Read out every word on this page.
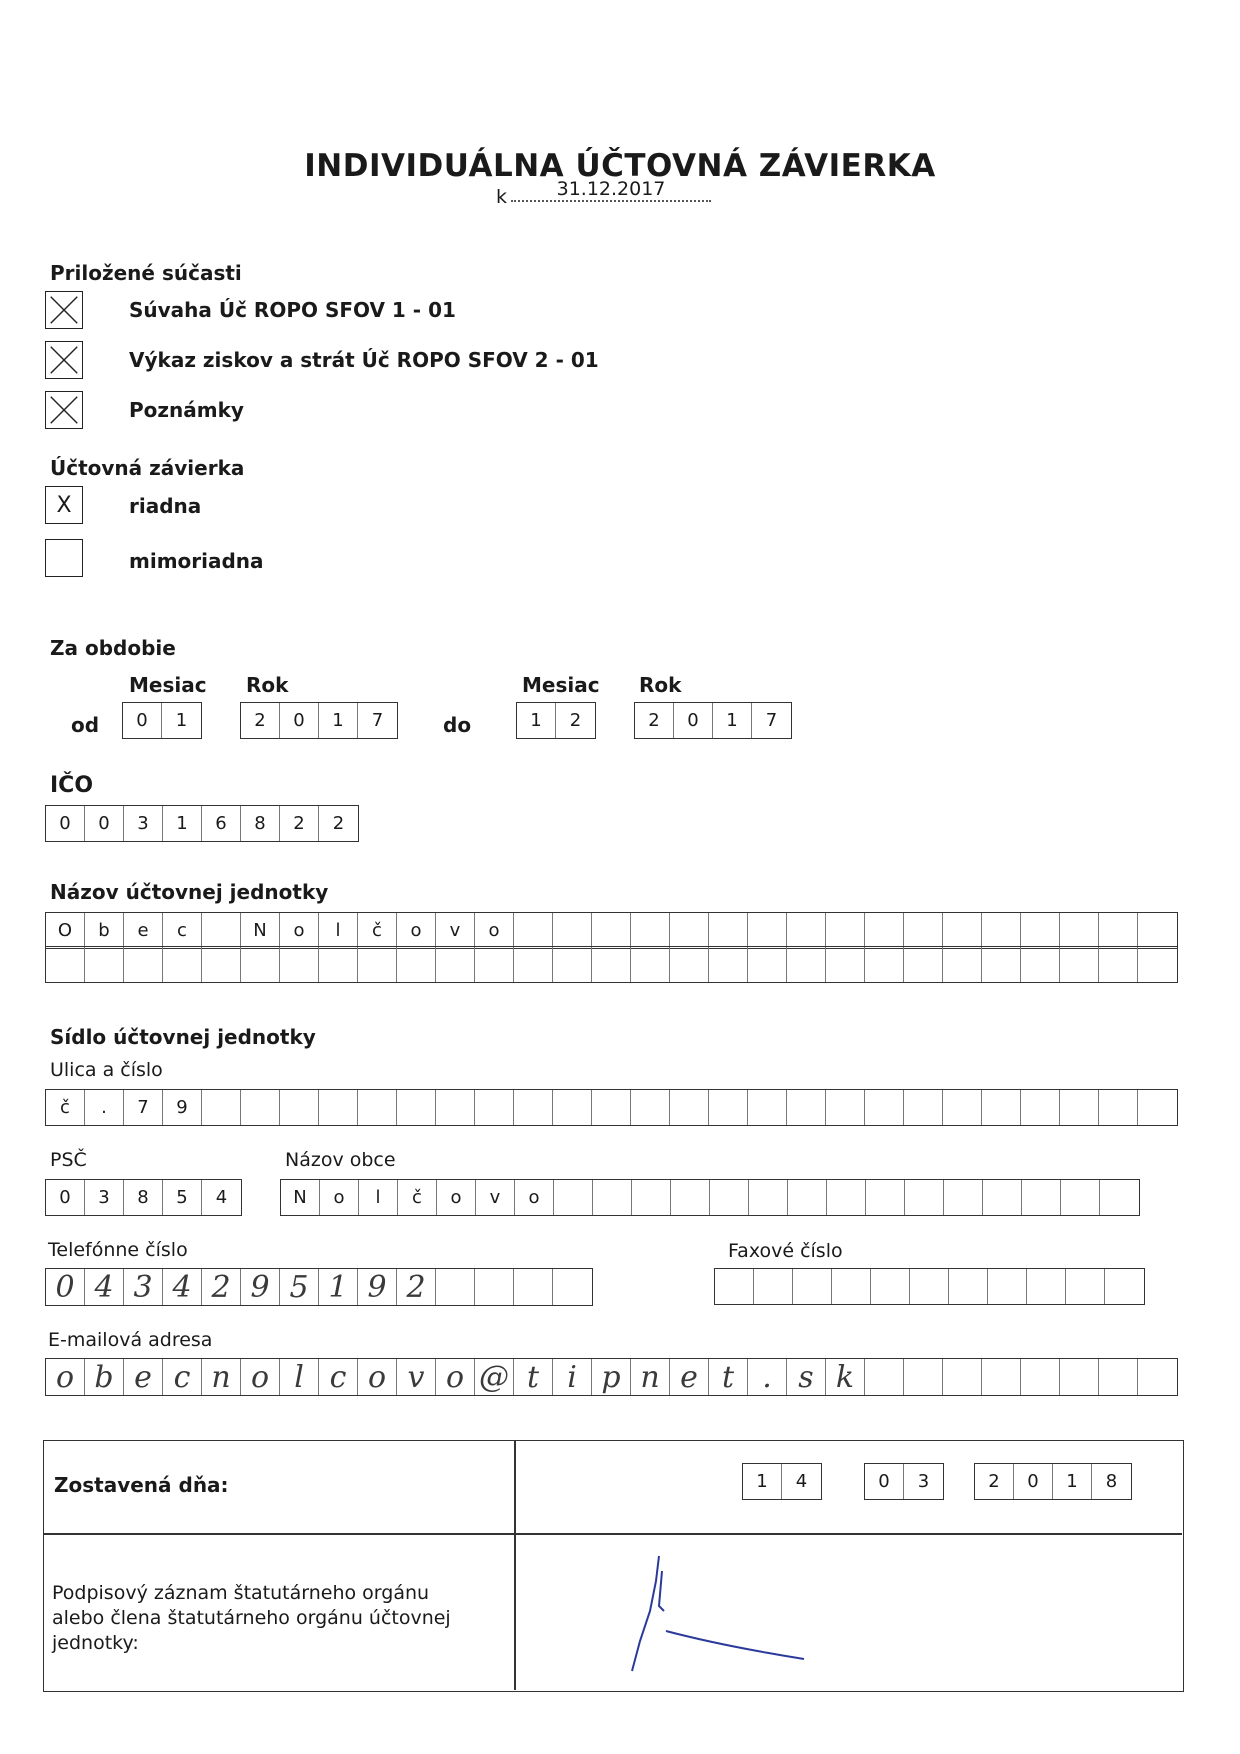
INDIVIDUÁLNA ÚČTOVNÁ ZÁVIERKA
k	31.12.2017
Priložené súčasti
Súvaha Úč ROPO SFOV 1 - 01
Výkaz ziskov a strát Úč ROPO SFOV 2 - 01
Poznámky
Účtovná závierka
X	riadna
mimoriadna
Za obdobie
Mesiac Rok	Mesiac Rok
od	0	1	2	0	1	7	do	1	2	2	0	1	7
IČO
0	0	3	1	6	8	2	2
Názov účtovnej jednotky
O	b	e	c	N	o	l	č	o	v	o
Sídlo účtovnej jednotky
Ulica a číslo
č	.	7	9
PSČ
0	3	8	5	4
Názov obce
N	o	l	č	o	v	o
Telefónne číslo
0 4 3 4 2 9 5 1 9 2
Faxové číslo
E-mailová adresa
o b e c n o l c o v o @ t i p n e t . s k
Zostavená dňa:	1	4	0	3	2	0	1	8
Podpisový záznam štatutárneho orgánu alebo člena štatutárneho orgánu účtovnej jednotky:
